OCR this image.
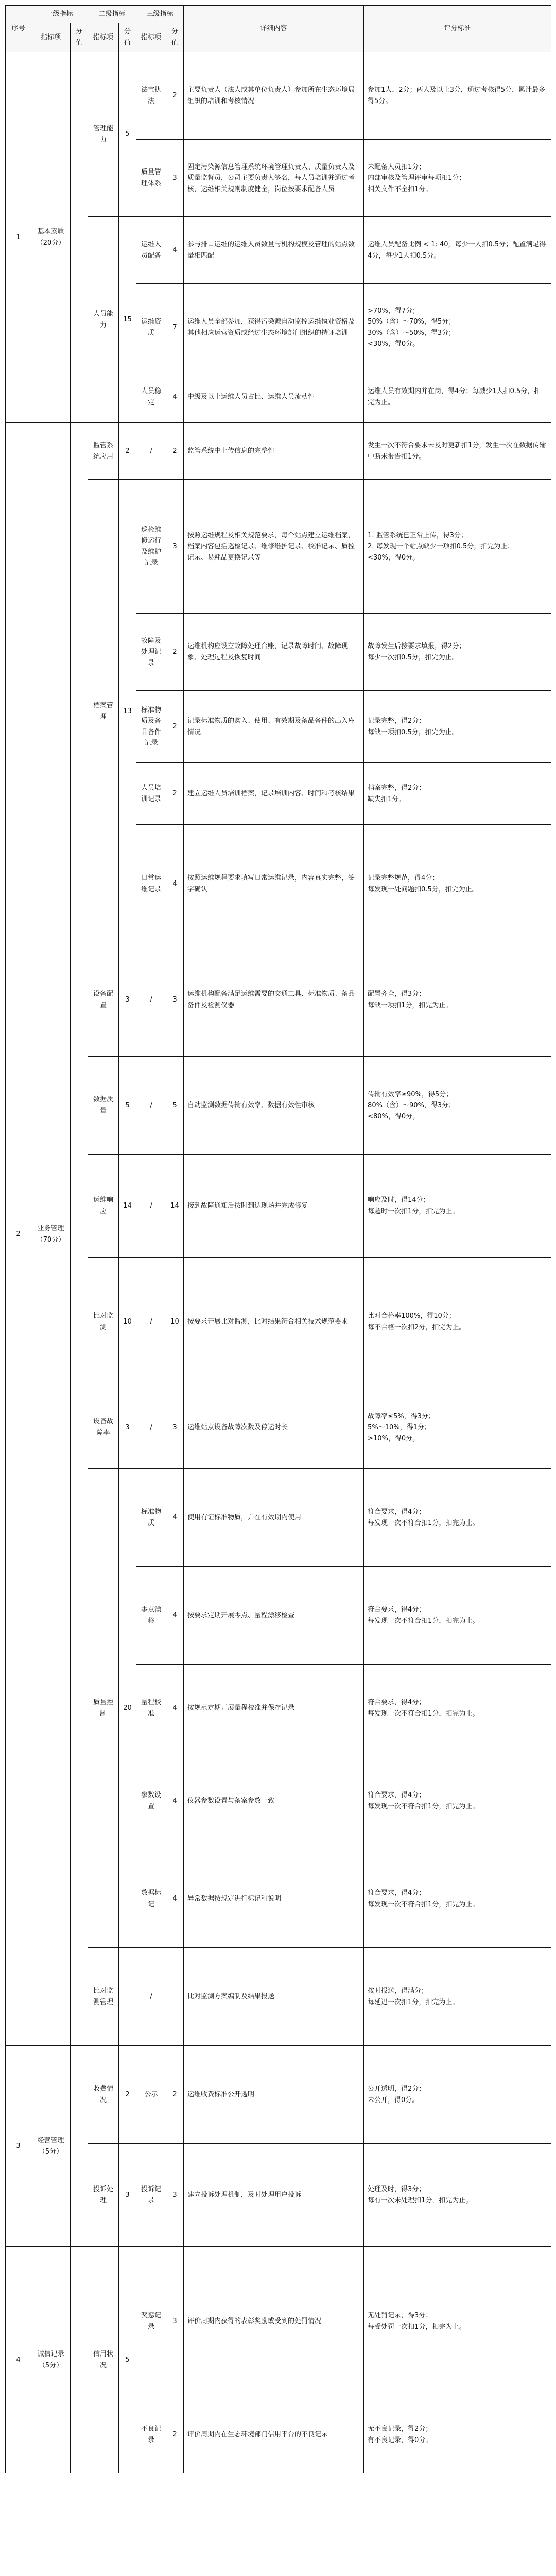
序号	一级指标		二级指标		三级指标		详细内容	评分标准
	指标项	分值	指标项	分值	指标项	分值		
1	基本素质（20分）		管理能力	5	法宝执法	2	主要负责人（法人或其单位负责人）参加所在生态环境局组织的培训和考核情况	参加1人，2分；两人及以上3分，通过考核得5分，累计最多得5分。
					质量管理体系	3	固定污染源信息管理系统环境管理负责人、质量负责人及质量监督员，公司主要负责人签名，每人员培训并通过考核，运维相关规则制度健全，岗位按要求配备人员	未配备人员扣1分；
内部审核及管理评审每项扣1分；
相关文件不全扣1分。
			人员能力	15	运维人员配备	4	参与排口运维的运维人员数量与机构规模及管理的站点数量相匹配	运维人员配备比例 < 1: 40，每少一人扣0.5分；配置满足得4分，每少1人扣0.5分。
					运维资质	7	运维人员全部参加，获得污染源自动监控运维执业资格及其他相应运营资质或经过生态环境部门组织的持证培训	>70%，得7分；
50%（含）～70%，得5分；
30%（含）～50%，得3分；
<30%，得0分。
					人员稳定	4	中级及以上运维人员占比、运维人员流动性	运维人员有效期内并在岗，得4分；每减少1人扣0.5分，扣完为止。
2	业务管理（70分）		监管系统应用	2	/	2	监管系统中上传信息的完整性	发生一次不符合要求未及时更新扣1分，发生一次在数据传输中断未报告扣1分。
			档案管理	13	巡检维修运行及维护记录	3	按照运维规程及相关规范要求，每个站点建立运维档案，档案内容包括巡检记录、维修维护记录、校准记录、质控记录、易耗品更换记录等	1. 监管系统已正常上传，得3分；
2. 每发现一个站点缺少一项扣0.5分，扣完为止；
<30%，得0分。
					故障及处理记录	2	运维机构应设立故障处理台账，记录故障时间、故障现象、处理过程及恢复时间	故障发生后按要求填报，得2分；
每少一次扣0.5分，扣完为止。
					标准物质及备品备件记录	2	记录标准物质的购入、使用、有效期及备品备件的出入库情况	记录完整，得2分；
每缺一项扣0.5分，扣完为止。
					人员培训记录	2	建立运维人员培训档案，记录培训内容、时间和考核结果	档案完整，得2分；
缺失扣1分。
					日常运维记录	4	按照运维规程要求填写日常运维记录，内容真实完整，签字确认	记录完整规范，得4分；
每发现一处问题扣0.5分，扣完为止。
			设备配置	3	/	3	运维机构配备满足运维需要的交通工具、标准物质、备品备件及检测仪器	配置齐全，得3分；
每缺一项扣1分，扣完为止。
			数据质量	5	/	5	自动监测数据传输有效率、数据有效性审核	传输有效率≥90%，得5分；
80%（含）～90%，得3分；
<80%，得0分。
			运维响应	14	/	14	接到故障通知后按时到达现场并完成修复	响应及时，得14分；
每超时一次扣1分，扣完为止。
			比对监测	10	/	10	按要求开展比对监测，比对结果符合相关技术规范要求	比对合格率100%，得10分；
每不合格一次扣2分，扣完为止。
			设备故障率	3	/	3	运维站点设备故障次数及停运时长	故障率≤5%，得3分；
5%～10%，得1分；
>10%，得0分。
			质量控制	20	标准物质	4	使用有证标准物质，并在有效期内使用	符合要求，得4分；
每发现一次不符合扣1分，扣完为止。
					零点漂移	4	按要求定期开展零点、量程漂移检查	符合要求，得4分；
每发现一次不符合扣1分，扣完为止。
					量程校准	4	按规范定期开展量程校准并保存记录	符合要求，得4分；
每发现一次不符合扣1分，扣完为止。
					参数设置	4	仪器参数设置与备案参数一致	符合要求，得4分；
每发现一次不符合扣1分，扣完为止。
					数据标记	4	异常数据按规定进行标记和说明	符合要求，得4分；
每发现一次不符合扣1分，扣完为止。
			比对监测管理		/		比对监测方案编制及结果报送	按时报送，得满分；
每延迟一次扣1分，扣完为止。
3	经营管理（5分）		收费情况	2	公示	2	运维收费标准公开透明	公开透明，得2分；
未公开，得0分。
			投诉处理	3	投诉记录	3	建立投诉处理机制，及时处理用户投诉	处理及时，得3分；
每有一次未处理扣1分，扣完为止。
4	诚信记录（5分）		信用状况	5	奖惩记录	3	评价周期内获得的表彰奖励或受到的处罚情况	无处罚记录，得3分；
每受处罚一次扣1分，扣完为止。
					不良记录	2	评价周期内在生态环境部门信用平台的不良记录	无不良记录，得2分；
有不良记录，得0分。
